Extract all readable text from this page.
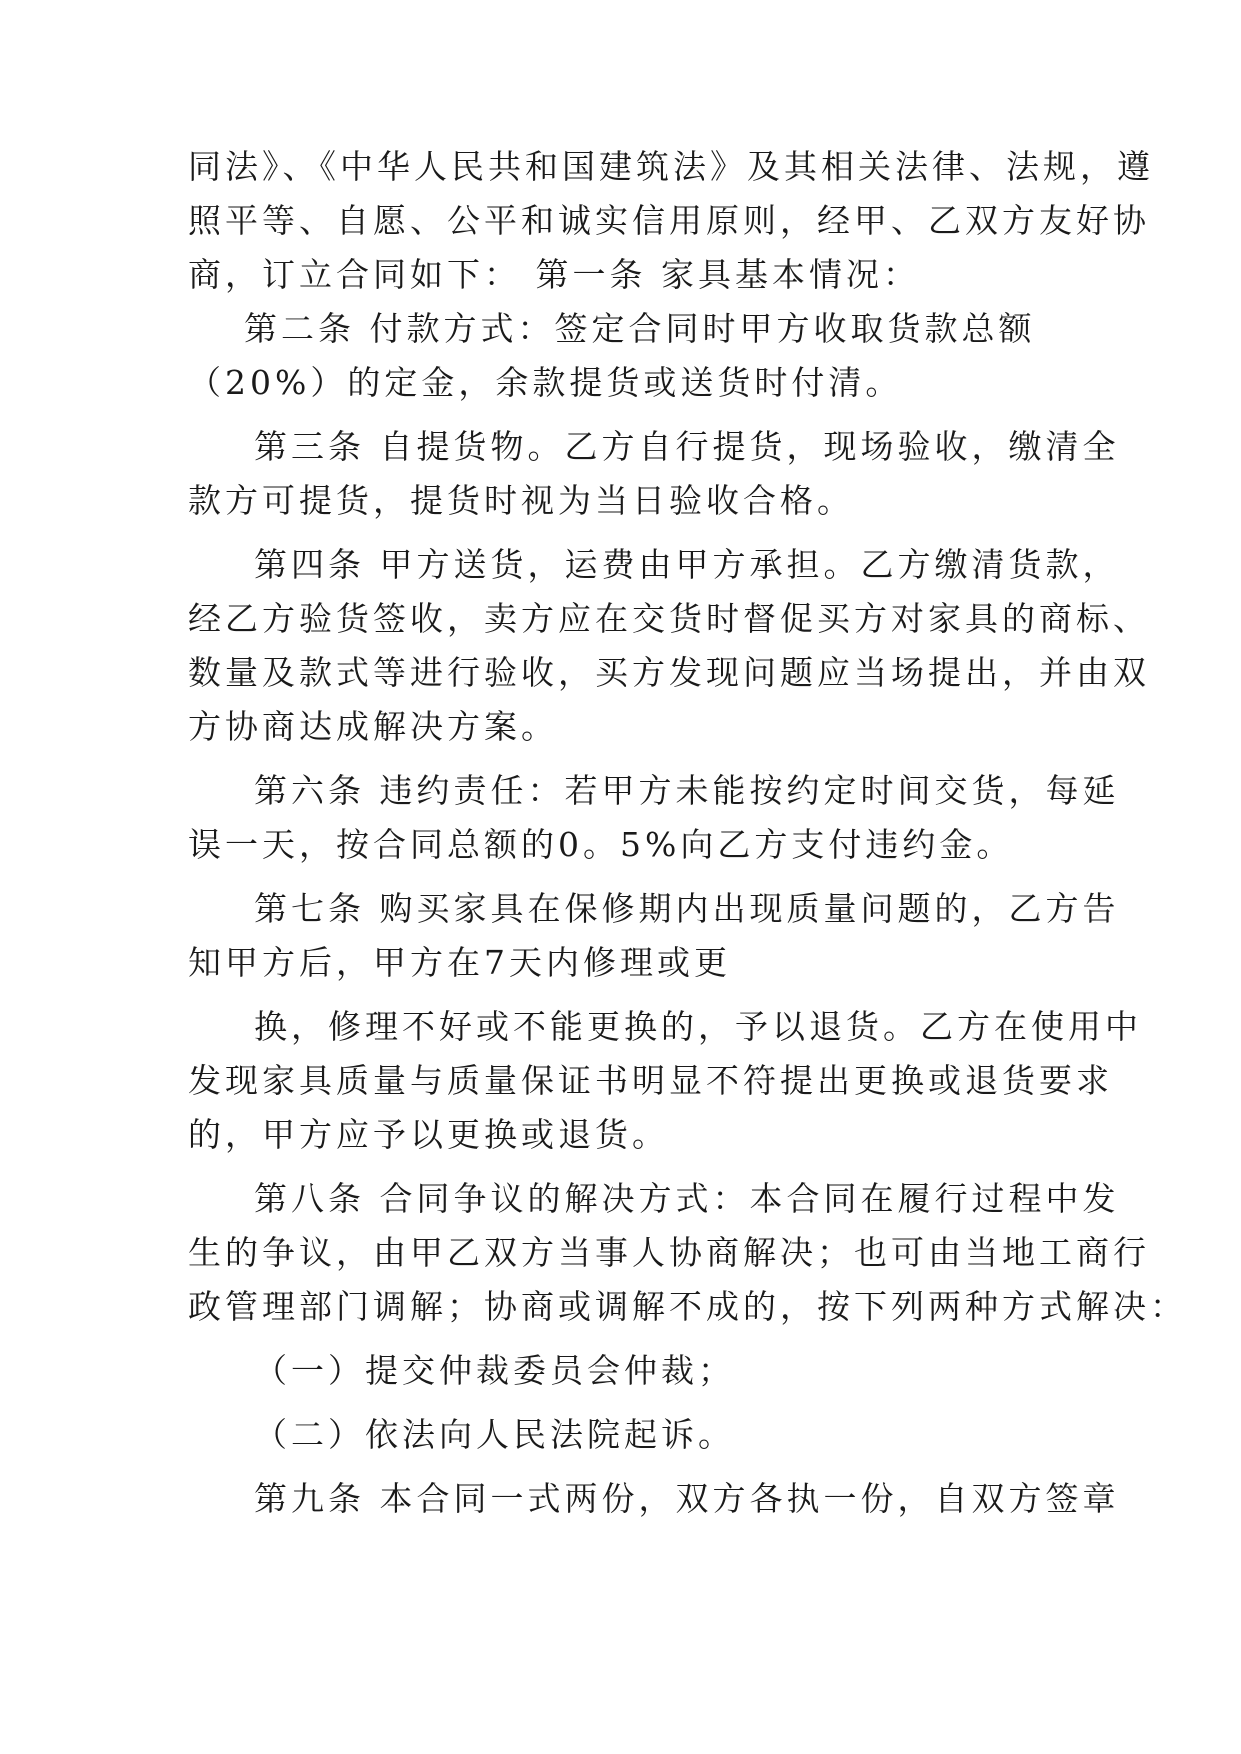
同法》、《中华人民共和国建筑法》及其相关法律、法规，遵
照平等、自愿、公平和诚实信用原则，经甲、乙双方友好协
商，订立合同如下： 第一条 家具基本情况：
第二条 付款方式：签定合同时甲方收取货款总额
（20%）的定金，余款提货或送货时付清。
第三条 自提货物。乙方自行提货，现场验收，缴清全
款方可提货，提货时视为当日验收合格。
第四条 甲方送货，运费由甲方承担。乙方缴清货款，
经乙方验货签收，卖方应在交货时督促买方对家具的商标、
数量及款式等进行验收，买方发现问题应当场提出，并由双
方协商达成解决方案。
第六条 违约责任：若甲方未能按约定时间交货，每延
误一天，按合同总额的0。5%向乙方支付违约金。
第七条 购买家具在保修期内出现质量问题的，乙方告
知甲方后，甲方在7天内修理或更
换，修理不好或不能更换的，予以退货。乙方在使用中
发现家具质量与质量保证书明显不符提出更换或退货要求
的，甲方应予以更换或退货。
第八条 合同争议的解决方式：本合同在履行过程中发
生的争议，由甲乙双方当事人协商解决；也可由当地工商行
政管理部门调解；协商或调解不成的，按下列两种方式解决：
（一）提交仲裁委员会仲裁；
（二）依法向人民法院起诉。
第九条 本合同一式两份，双方各执一份，自双方签章
